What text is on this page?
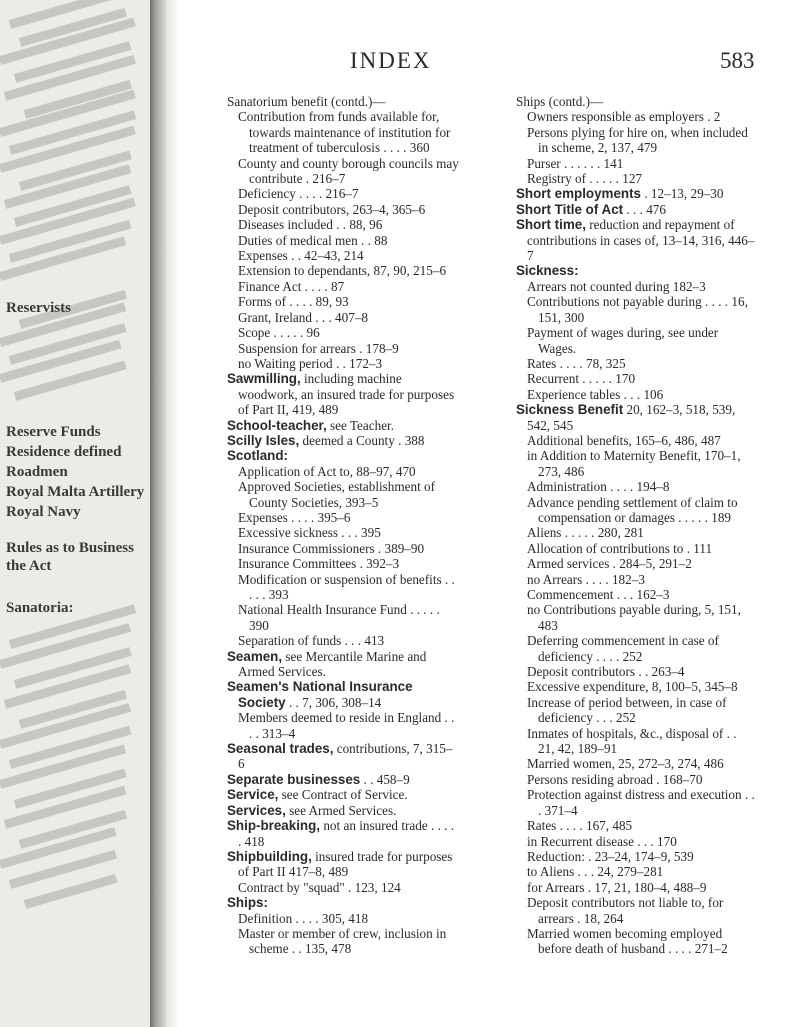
Reservists
Reserve Funds
Residence defined
Roadmen
Royal Malta Artillery
Royal Navy
Rules as to Business
the Act
Sanatoria:
INDEX	583
Sanatorium benefit (contd.)—
Contribution from funds available for, towards maintenance of institution for treatment of tuberculosis . . . . 360
County and county borough councils may contribute . 216–7
Deficiency . . . . 216–7
Deposit contributors, 263–4, 365–6
Diseases included . . 88, 96
Duties of medical men . . 88
Expenses . . 42–43, 214
Extension to dependants, 87, 90, 215–6
Finance Act . . . . 87
Forms of . . . . 89, 93
Grant, Ireland . . . 407–8
Scope . . . . . 96
Suspension for arrears . 178–9
no Waiting period . . 172–3
Sawmilling, including machine woodwork, an insured trade for purposes of Part II, 419, 489
School-teacher, see Teacher.
Scilly Isles, deemed a County . 388
Scotland:
Application of Act to, 88–97, 470
Approved Societies, establishment of County Societies, 393–5
Expenses . . . . 395–6
Excessive sickness . . . 395
Insurance Commissioners . 389–90
Insurance Committees . 392–3
Modification or suspension of benefits . . . . . 393
National Health Insurance Fund . . . . . 390
Separation of funds . . . 413
Seamen, see Mercantile Marine and Armed Services.
Seamen's National Insurance Society . . 7, 306, 308–14
Members deemed to reside in England . . . . 313–4
Seasonal trades, contributions, 7, 315–6
Separate businesses . . 458–9
Service, see Contract of Service.
Services, see Armed Services.
Ship-breaking, not an insured trade . . . . . 418
Shipbuilding, insured trade for purposes of Part II 417–8, 489
Contract by "squad" . 123, 124
Ships:
Definition . . . . 305, 418
Master or member of crew, inclusion in scheme . . 135, 478
Ships (contd.)—
Owners responsible as employers . 2
Persons plying for hire on, when included in scheme, 2, 137, 479
Purser . . . . . . 141
Registry of . . . . . 127
Short employments . 12–13, 29–30
Short Title of Act . . . 476
Short time, reduction and repayment of contributions in cases of, 13–14, 316, 446–7
Sickness:
Arrears not counted during 182–3
Contributions not payable during . . . . 16, 151, 300
Payment of wages during, see under Wages.
Rates . . . . 78, 325
Recurrent . . . . . 170
Experience tables . . . 106
Sickness Benefit 20, 162–3, 518, 539, 542, 545
Additional benefits, 165–6, 486, 487
in Addition to Maternity Benefit, 170–1, 273, 486
Administration . . . . 194–8
Advance pending settlement of claim to compensation or damages . . . . . 189
Aliens . . . . . 280, 281
Allocation of contributions to . 111
Armed services . 284–5, 291–2
no Arrears . . . . 182–3
Commencement . . . 162–3
no Contributions payable during, 5, 151, 483
Deferring commencement in case of deficiency . . . . 252
Deposit contributors . . 263–4
Excessive expenditure, 8, 100–5, 345–8
Increase of period between, in case of deficiency . . . 252
Inmates of hospitals, &c., disposal of . . 21, 42, 189–91
Married women, 25, 272–3, 274, 486
Persons residing abroad . 168–70
Protection against distress and execution . . . 371–4
Rates . . . . 167, 485
in Recurrent disease . . . 170
Reduction: . 23–24, 174–9, 539
to Aliens . . . 24, 279–281
for Arrears . 17, 21, 180–4, 488–9
Deposit contributors not liable to, for arrears . 18, 264
Married women becoming employed before death of husband . . . . 271–2
